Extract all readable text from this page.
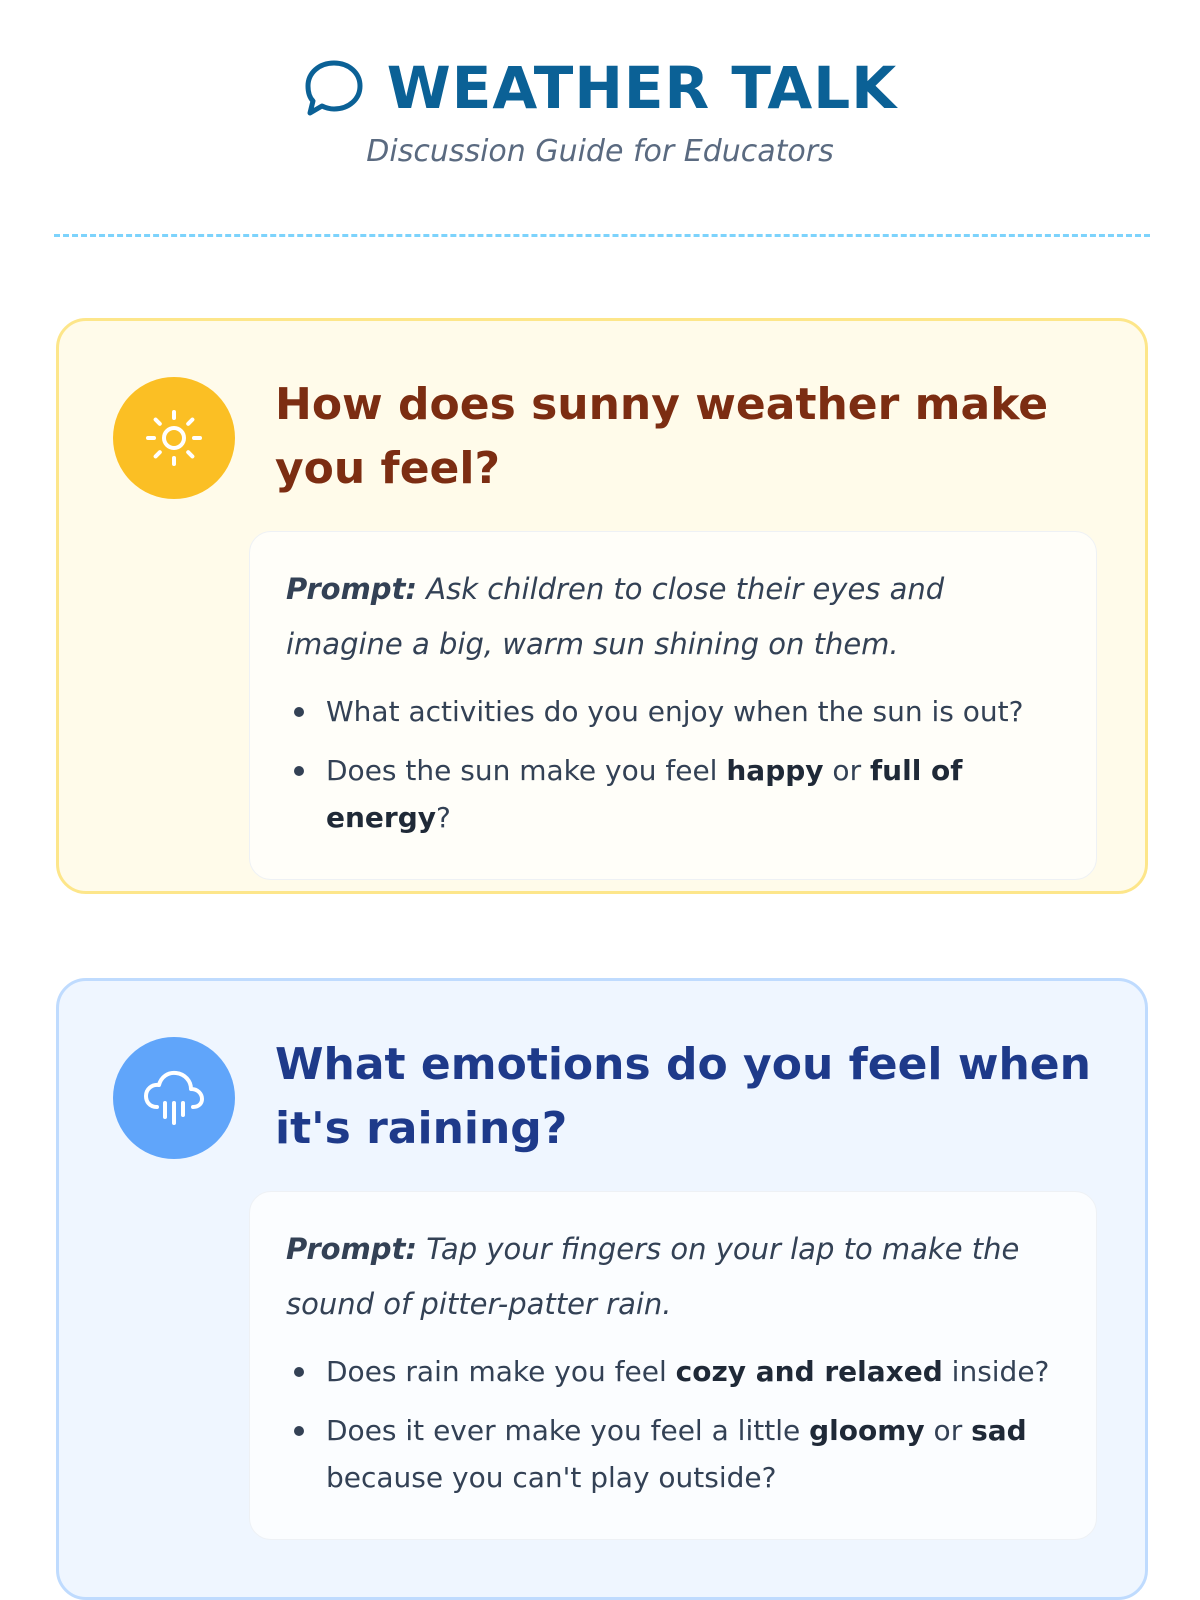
WEATHER TALK
Discussion Guide for Educators
How does sunny weather make you feel?

Prompt: Ask children to close their eyes and imagine a big, warm sun shining on them.

What activities do you enjoy when the sun is out?
Does the sun make you feel happy or full of energy?
What emotions do you feel when it's raining?

Prompt: Tap your fingers on your lap to make the sound of pitter-patter rain.

Does rain make you feel cozy and relaxed inside?
Does it ever make you feel a little gloomy or sad because you can't play outside?
